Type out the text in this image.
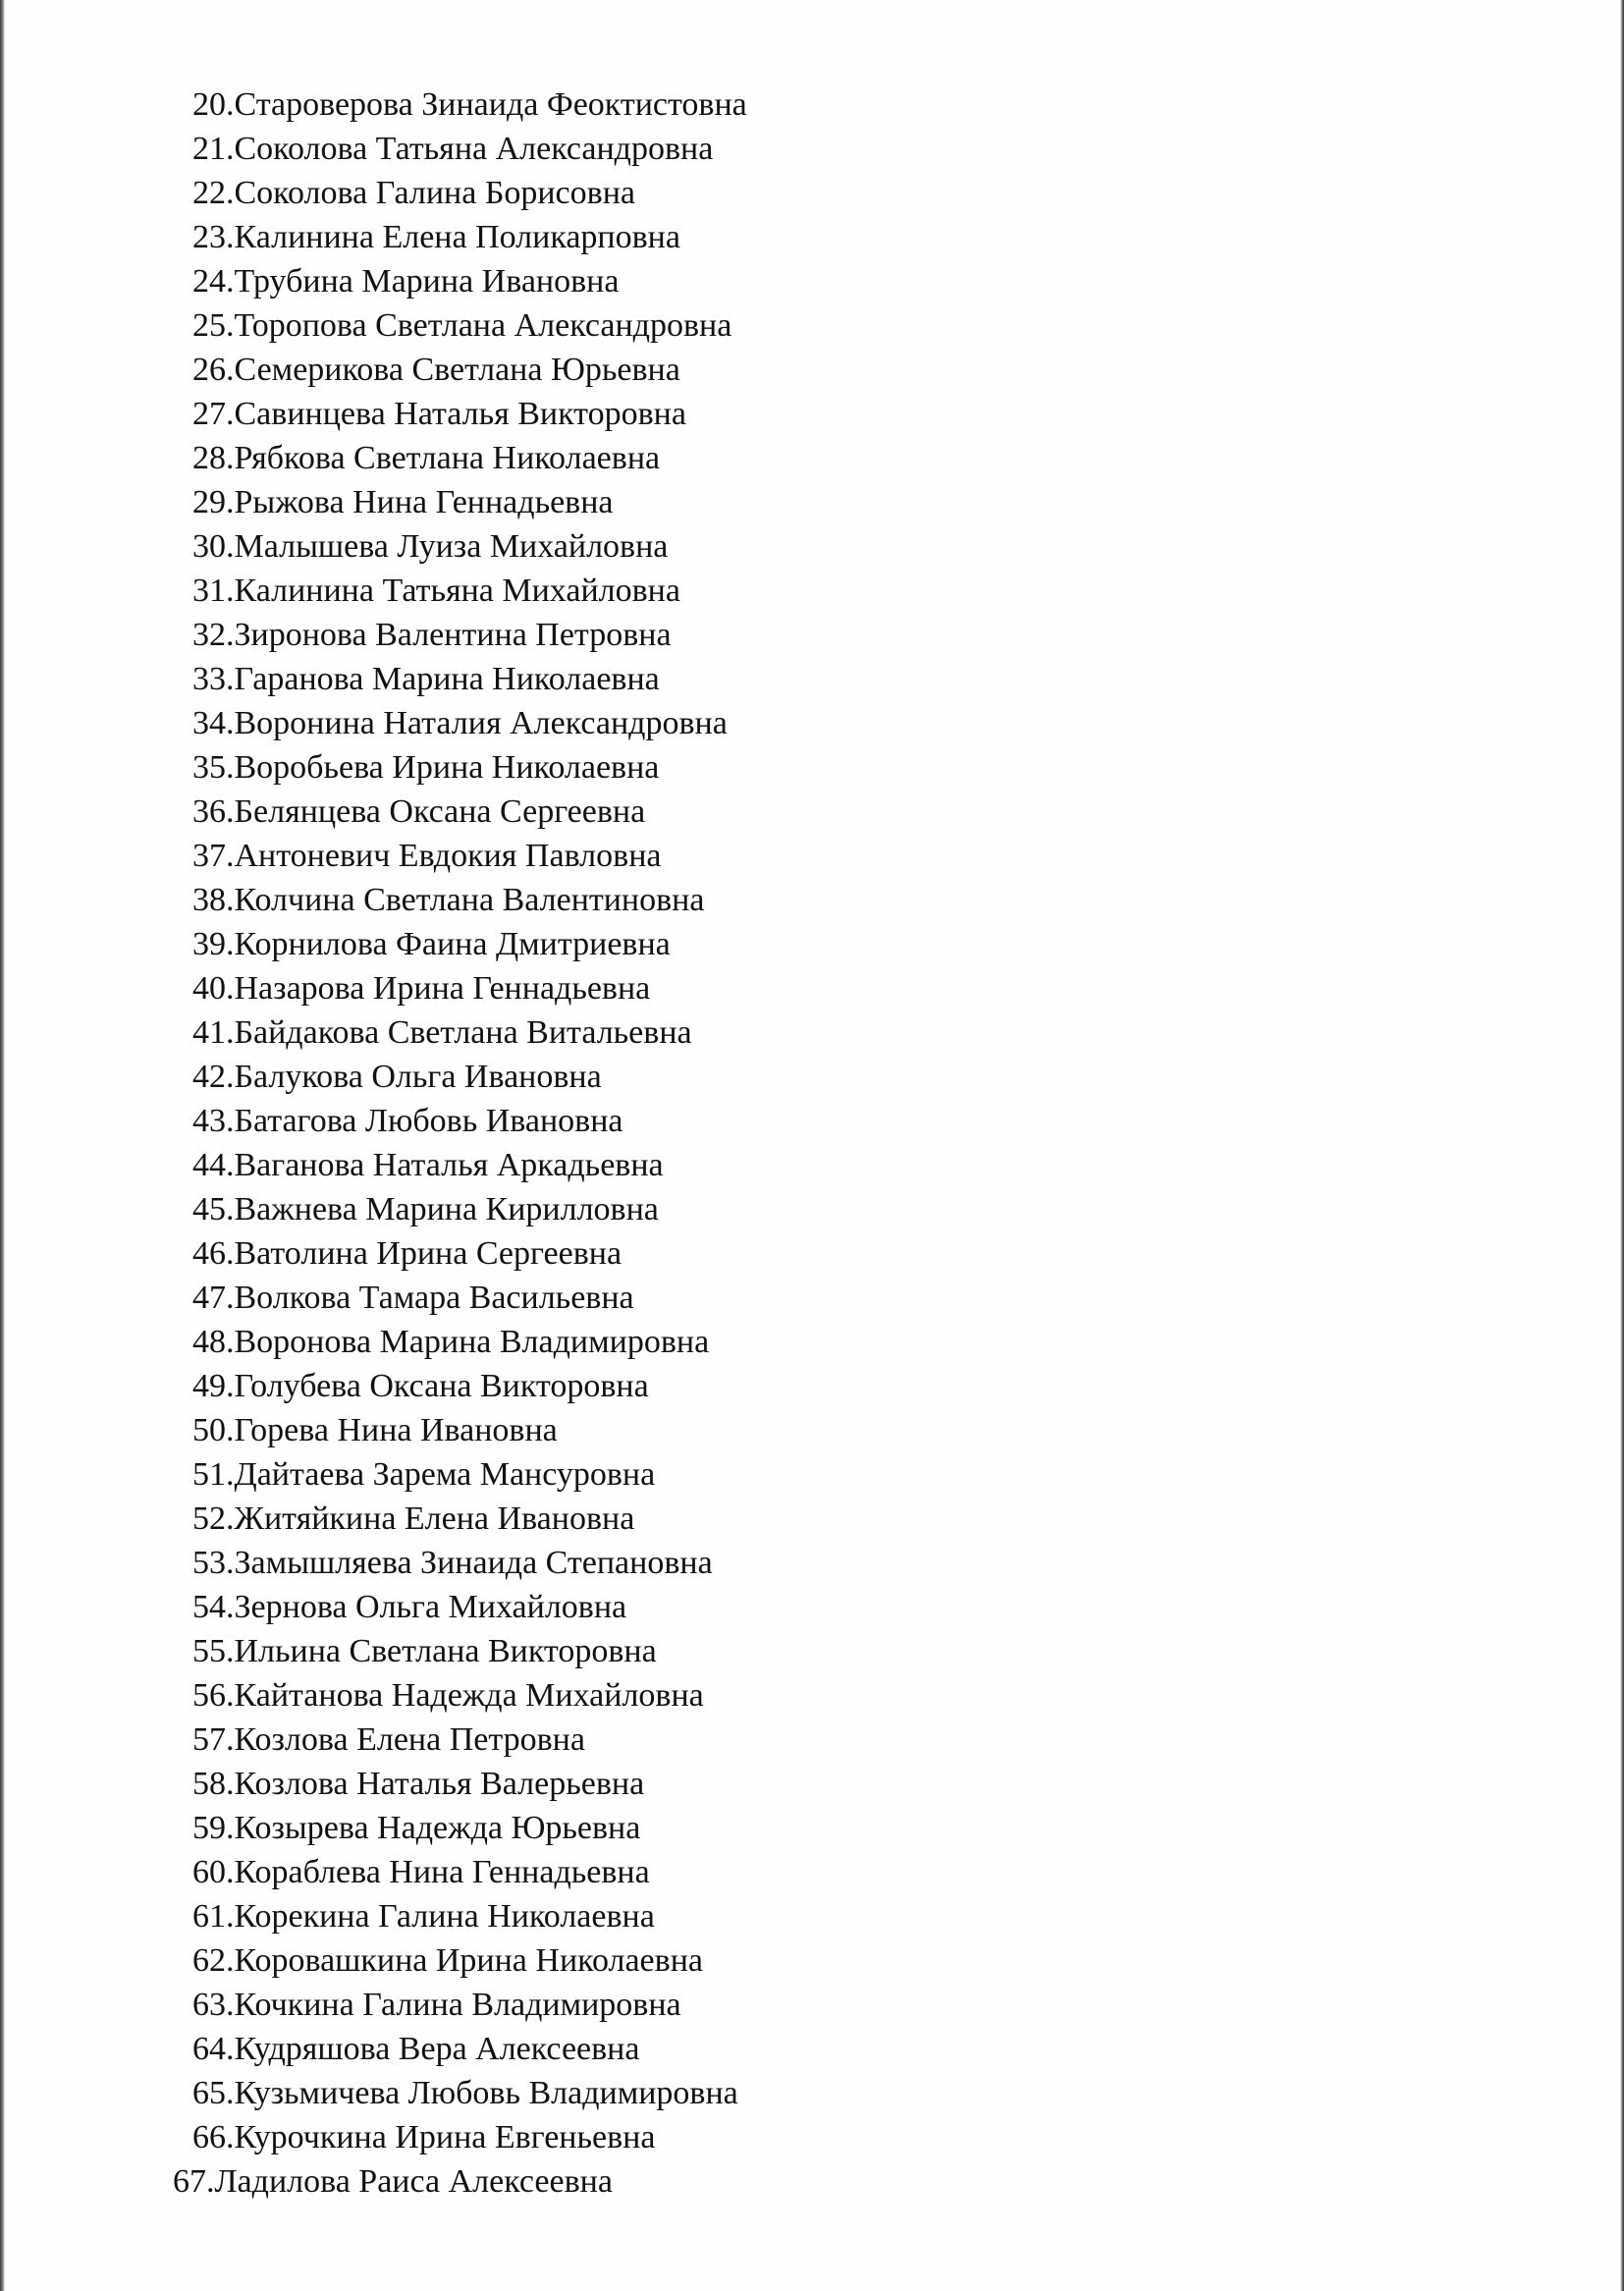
20.Староверова Зинаида Феоктистовна
21.Соколова Татьяна Александровна
22.Соколова Галина Борисовна
23.Калинина Елена Поликарповна
24.Трубина Марина Ивановна
25.Торопова Светлана Александровна
26.Семерикова Светлана Юрьевна
27.Савинцева Наталья Викторовна
28.Рябкова Светлана Николаевна
29.Рыжова Нина Геннадьевна
30.Малышева Луиза Михайловна
31.Калинина Татьяна Михайловна
32.Зиронова Валентина Петровна
33.Гаранова Марина Николаевна
34.Воронина Наталия Александровна
35.Воробьева Ирина Николаевна
36.Белянцева Оксана Сергеевна
37.Антоневич Евдокия Павловна
38.Колчина Светлана Валентиновна
39.Корнилова Фаина Дмитриевна
40.Назарова Ирина Геннадьевна
41.Байдакова Светлана Витальевна
42.Балукова Ольга Ивановна
43.Батагова Любовь Ивановна
44.Ваганова Наталья Аркадьевна
45.Важнева Марина Кирилловна
46.Ватолина Ирина Сергеевна
47.Волкова Тамара Васильевна
48.Воронова Марина Владимировна
49.Голубева Оксана Викторовна
50.Горева Нина Ивановна
51.Дайтаева Зарема Мансуровна
52.Житяйкина Елена Ивановна
53.Замышляева Зинаида Степановна
54.Зернова Ольга Михайловна
55.Ильина Светлана Викторовна
56.Кайтанова Надежда Михайловна
57.Козлова Елена Петровна
58.Козлова Наталья Валерьевна
59.Козырева Надежда Юрьевна
60.Кораблева Нина Геннадьевна
61.Корекина Галина Николаевна
62.Коровашкина Ирина Николаевна
63.Кочкина Галина Владимировна
64.Кудряшова Вера Алексеевна
65.Кузьмичева Любовь Владимировна
66.Курочкина Ирина Евгеньевна
67.Ладилова Раиса Алексеевна
